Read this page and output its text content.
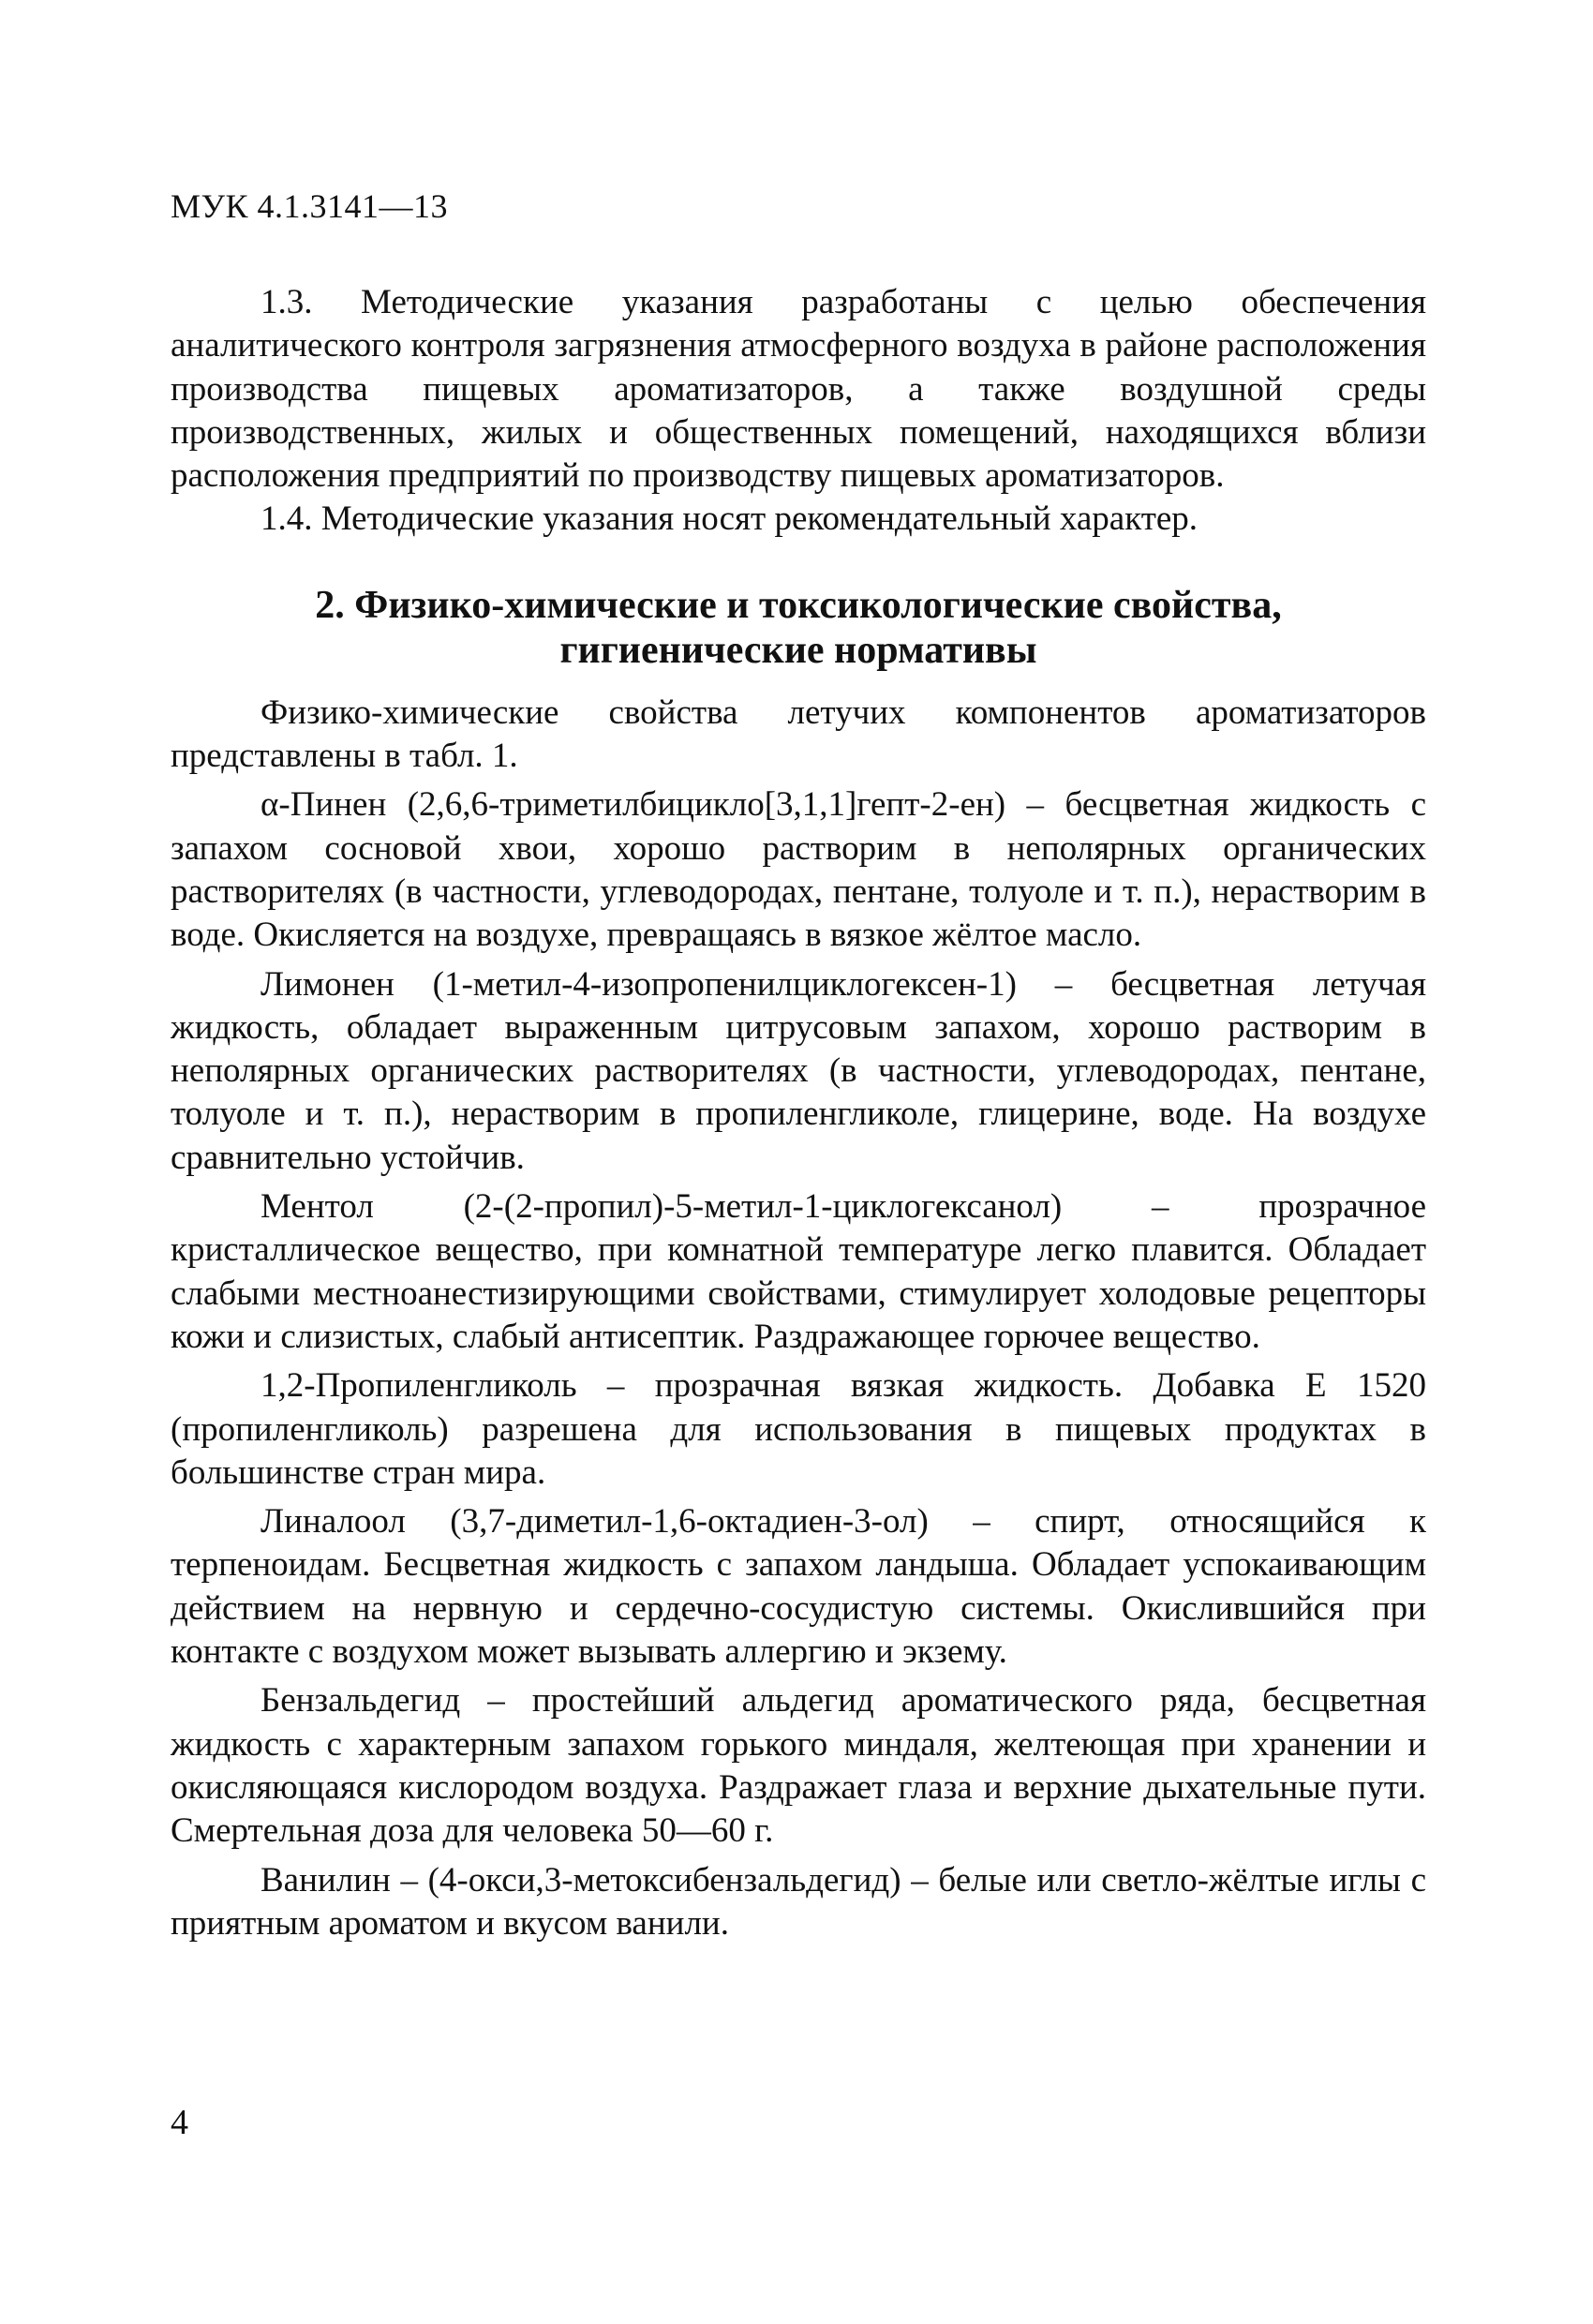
МУК 4.1.3141—13

1.3. Методические указания разработаны с целью обеспечения аналитического контроля загрязнения атмосферного воздуха в районе расположения производства пищевых ароматизаторов, а также воздушной среды производственных, жилых и общественных помещений, находящихся вблизи расположения предприятий по производству пищевых ароматизаторов.

1.4. Методические указания носят рекомендательный характер.

2. Физико-химические и токсикологические свойства,
гигиенические нормативы

Физико-химические свойства летучих компонентов ароматизаторов представлены в табл. 1.

α-Пинен (2,6,6-триметилбицикло[3,1,1]гепт-2-ен) – бесцветная жидкость с запахом сосновой хвои, хорошо растворим в неполярных органических растворителях (в частности, углеводородах, пентане, толуоле и т. п.), нерастворим в воде. Окисляется на воздухе, превращаясь в вязкое жёлтое масло.

Лимонен (1-метил-4-изопропенилциклогексен-1) – бесцветная летучая жидкость, обладает выраженным цитрусовым запахом, хорошо растворим в неполярных органических растворителях (в частности, углеводородах, пентане, толуоле и т. п.), нерастворим в пропиленгликоле, глицерине, воде. На воздухе сравнительно устойчив.

Ментол (2-(2-пропил)-5-метил-1-циклогексанол) – прозрачное кристаллическое вещество, при комнатной температуре легко плавится. Обладает слабыми местноанестизирующими свойствами, стимулирует холодовые рецепторы кожи и слизистых, слабый антисептик. Раздражающее горючее вещество.

1,2-Пропиленгликоль – прозрачная вязкая жидкость. Добавка Е 1520 (пропиленгликоль) разрешена для использования в пищевых продуктах в большинстве стран мира.

Линалоол (3,7-диметил-1,6-октадиен-3-ол) – спирт, относящийся к терпеноидам. Бесцветная жидкость с запахом ландыша. Обладает успокаивающим действием на нервную и сердечно-сосудистую системы. Окислившийся при контакте с воздухом может вызывать аллергию и экзему.

Бензальдегид – простейший альдегид ароматического ряда, бесцветная жидкость с характерным запахом горького миндаля, желтеющая при хранении и окисляющаяся кислородом воздуха. Раздражает глаза и верхние дыхательные пути. Смертельная доза для человека 50—60 г.

Ванилин – (4-окси,3-метоксибензальдегид) – белые или светло-жёлтые иглы с приятным ароматом и вкусом ванили.

4
